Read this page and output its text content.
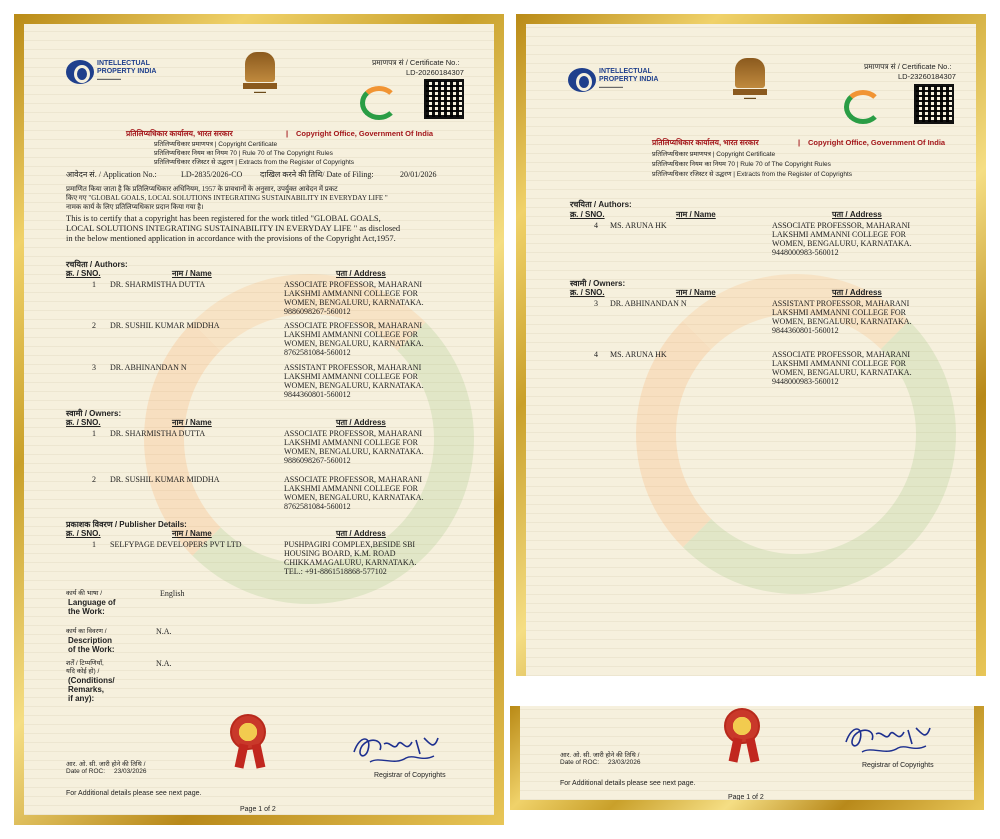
INTELLECTUAL
PROPERTY INDIA
▬▬▬▬▬▬
▬▬▬
प्रमाणपत्र सं / Certificate No.:
LD-20260184307
प्रतिलिप्यधिकार कार्यालय, भारत सरकार	| Copyright Office, Government Of India
प्रतिलिप्यधिकार प्रमाणपत्र | Copyright Certificate
प्रतिलिप्यधिकार नियम का नियम 70 | Rule 70 of The Copyright Rules
प्रतिलिप्यधिकार रजिस्टर से उद्धरण | Extracts from the Register of Copyrights
आवेदन सं. / Application No.:	LD-2835/2026-CO दाखिल करने की तिथि/ Date of Filing:	20/01/2026
प्रमाणित किया जाता है कि प्रतिलिप्यधिकार अधिनियम, 1957 के प्रावधानों के अनुसार, उपर्युक्त आवेदन में प्रकट
किए गए "GLOBAL GOALS, LOCAL SOLUTIONS INTEGRATING SUSTAINABILITY IN EVERYDAY LIFE "
नामक कार्य के लिए प्रतिलिप्यधिकार प्रदान किया गया है।
This is to certify that a copyright has been registered for the work titled "GLOBAL GOALS,
LOCAL SOLUTIONS INTEGRATING SUSTAINABILITY IN EVERYDAY LIFE " as disclosed
in the below mentioned application in accordance with the provisions of the Copyright Act,1957.
रचयिता / Authors:
क्र. / SNO.	नाम / Name	पता / Address
1 DR. SHARMISTHA DUTTA	ASSOCIATE PROFESSOR, MAHARANI
LAKSHMI AMMANNI COLLEGE FOR
WOMEN, BENGALURU, KARNATAKA.
9886098267-560012
2 DR. SUSHIL KUMAR MIDDHA	ASSOCIATE PROFESSOR, MAHARANI
LAKSHMI AMMANNI COLLEGE FOR
WOMEN, BENGALURU, KARNATAKA.
8762581084-560012
3 DR. ABHINANDAN N	ASSISTANT PROFESSOR, MAHARANI
LAKSHMI AMMANNI COLLEGE FOR
WOMEN, BENGALURU, KARNATAKA.
9844360801-560012
स्वामी / Owners:
क्र. / SNO.	नाम / Name	पता / Address
1 DR. SHARMISTHA DUTTA	ASSOCIATE PROFESSOR, MAHARANI
LAKSHMI AMMANNI COLLEGE FOR
WOMEN, BENGALURU, KARNATAKA.
9886098267-560012
2 DR. SUSHIL KUMAR MIDDHA	ASSOCIATE PROFESSOR, MAHARANI
LAKSHMI AMMANNI COLLEGE FOR
WOMEN, BENGALURU, KARNATAKA.
8762581084-560012
प्रकाशक विवरण / Publisher Details:
क्र. / SNO.	नाम / Name	पता / Address
1 SELFYPAGE DEVELOPERS PVT LTD	PUSHPAGIRI COMPLEX,BESIDE SBI
HOUSING BOARD, K.M. ROAD
CHIKKAMAGALURU, KARNATAKA.
TEL.: +91-8861518868-577102
कार्य की भाषा /
Language of
the Work:
English
कार्य का विवरण /
Description
of the Work:
N.A.
शर्तें / टिप्पणियाँ,
यदि कोई हो) /
(Conditions/
Remarks,
if any):
N.A.
आर. ओ. सी. जारी होने की तिथि /
Date of ROC: 23/03/2026
Registrar of Copyrights
For Additional details please see next page.
Page 1 of 2
INTELLECTUAL
PROPERTY INDIA
▬▬▬▬▬▬
▬▬▬
प्रमाणपत्र सं / Certificate No.:
LD-23260184307
प्रतिलिप्यधिकार कार्यालय, भारत सरकार	| Copyright Office, Government Of India
प्रतिलिप्यधिकार प्रमाणपत्र | Copyright Certificate
प्रतिलिप्यधिकार नियम का नियम 70 | Rule 70 of The Copyright Rules
प्रतिलिप्यधिकार रजिस्टर से उद्धरण | Extracts from the Register of Copyrights
रचयिता / Authors:
क्र. / SNO.	नाम / Name	पता / Address
4 MS. ARUNA HK	ASSOCIATE PROFESSOR, MAHARANI
LAKSHMI AMMANNI COLLEGE FOR
WOMEN, BENGALURU, KARNATAKA.
9448000983-560012
स्वामी / Owners:
क्र. / SNO.	नाम / Name	पता / Address
3 DR. ABHINANDAN N	ASSISTANT PROFESSOR, MAHARANI
LAKSHMI AMMANNI COLLEGE FOR
WOMEN, BENGALURU, KARNATAKA.
9844360801-560012
4 MS. ARUNA HK	ASSOCIATE PROFESSOR, MAHARANI
LAKSHMI AMMANNI COLLEGE FOR
WOMEN, BENGALURU, KARNATAKA.
9448000983-560012
आर. ओ. सी. जारी होने की तिथि /
Date of ROC: 23/03/2026	Registrar of Copyrights
For Additional details please see next page.
Page 1 of 2
